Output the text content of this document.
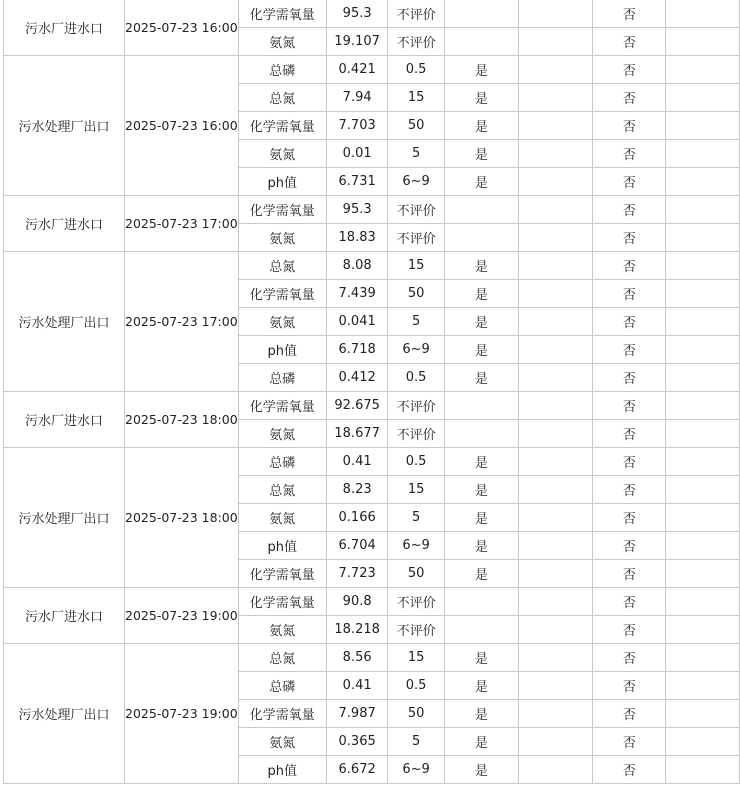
污水厂进水口	2025-07-23 16:00	化学需氧量	95.3	不评价			否	
		氨氮	19.107	不评价			否	
污水处理厂出口	2025-07-23 16:00	总磷	0.421	0.5	是		否	
		总氮	7.94	15	是		否	
		化学需氧量	7.703	50	是		否	
		氨氮	0.01	5	是		否	
		ph值	6.731	6~9	是		否	
污水厂进水口	2025-07-23 17:00	化学需氧量	95.3	不评价			否	
		氨氮	18.83	不评价			否	
污水处理厂出口	2025-07-23 17:00	总氮	8.08	15	是		否	
		化学需氧量	7.439	50	是		否	
		氨氮	0.041	5	是		否	
		ph值	6.718	6~9	是		否	
		总磷	0.412	0.5	是		否	
污水厂进水口	2025-07-23 18:00	化学需氧量	92.675	不评价			否	
		氨氮	18.677	不评价			否	
污水处理厂出口	2025-07-23 18:00	总磷	0.41	0.5	是		否	
		总氮	8.23	15	是		否	
		氨氮	0.166	5	是		否	
		ph值	6.704	6~9	是		否	
		化学需氧量	7.723	50	是		否	
污水厂进水口	2025-07-23 19:00	化学需氧量	90.8	不评价			否	
		氨氮	18.218	不评价			否	
污水处理厂出口	2025-07-23 19:00	总氮	8.56	15	是		否	
		总磷	0.41	0.5	是		否	
		化学需氧量	7.987	50	是		否	
		氨氮	0.365	5	是		否	
		ph值	6.672	6~9	是		否	
